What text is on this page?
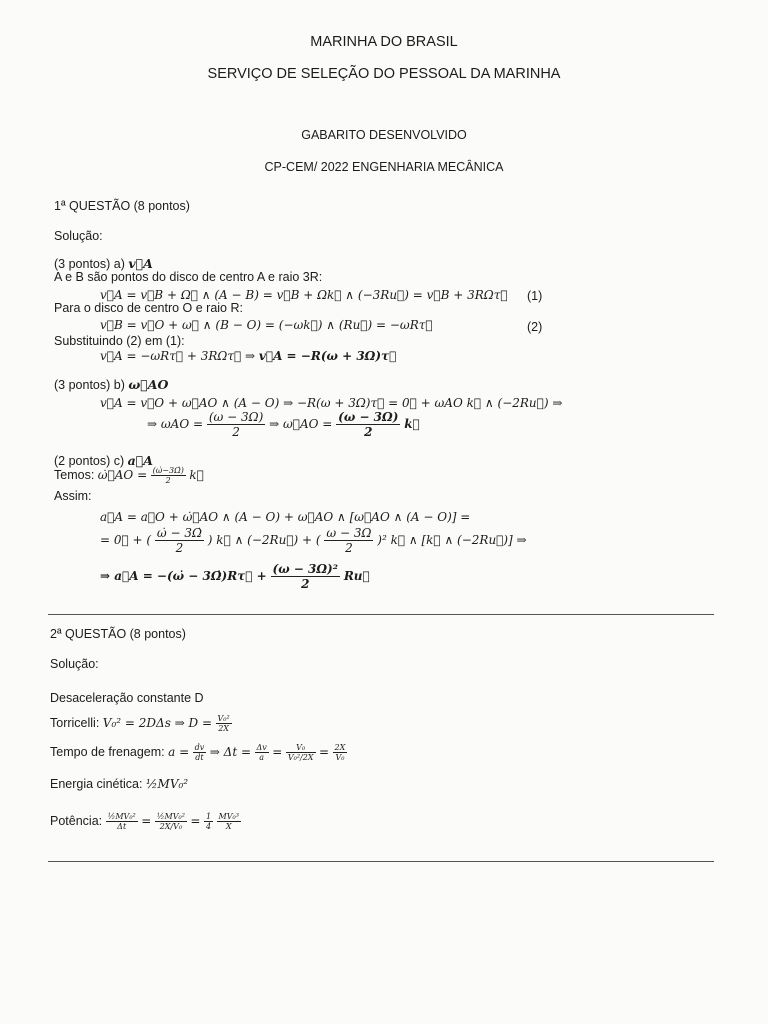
MARINHA DO BRASIL
SERVIÇO DE SELEÇÃO DO PESSOAL DA MARINHA
GABARITO DESENVOLVIDO
CP-CEM/ 2022 ENGENHARIA MECÂNICA
1ª QUESTÃO (8 pontos)
Solução:
(3 pontos) a) v⃗A
A e B são pontos do disco de centro A e raio 3R:
v⃗A = v⃗B + Ω⃗ ∧ (A − B) = v⃗B + Ωk⃗ ∧ (−3Ru⃗) = v⃗B + 3RΩτ⃗ (1)
Para o disco de centro O e raio R:
v⃗B = v⃗O + ω⃗ ∧ (B − O) = (−ωk⃗) ∧ (Ru⃗) = −ωRτ⃗	(2)
Substituindo (2) em (1):
v⃗A = −ωRτ⃗ + 3RΩτ⃗ ⇒ v⃗A = −R(ω + 3Ω)τ⃗
(3 pontos) b) ω⃗AO
v⃗A = v⃗O + ω⃗AO ∧ (A − O) ⇒ −R(ω + 3Ω)τ⃗ = 0⃗ + ωAO k⃗ ∧ (−2Ru⃗) ⇒
⇒ $\omega AO = \frac{(\omega - 3\Omega)}{2}$ ⇒ ω⃗AO = $\frac{(\omega - 3\Omega)}{2}$ k⃗
(2 pontos) c) a⃗A
Temos: ω̇⃗AO = $\frac{(\omegȧ-3\Omegȧ)}{2}$ k⃗
Assim:
a⃗A = a⃗O + ω̇⃗AO ∧ (A − O) + ω⃗AO ∧ [ω⃗AO ∧ (A − O)] =
= 0⃗ + ( $\frac{\omegȧ - 3\Omegȧ}{2}$ ) k⃗ ∧ (−2Ru⃗) + ( $\frac{\omega - 3\Omega}{2} )^2$ k⃗ ∧ [k⃗ ∧ (−2Ru⃗)] ⇒
⇒ a⃗A = −(ω̇ − 3Ω̇)Rτ⃗ + $\frac{\text{(ω − 3Ω)²}}{2}$ Ru⃗
2ª QUESTÃO (8 pontos)
Solução:
Desaceleração constante D
Torricelli: V₀² = 2DΔs ⇒ $D = \frac{\text{V₀²}}{2X}$
Tempo de frenagem: $a = \frac{dv}{dt}$ ⇒ $\Delta t = \frac{\Delta v}{a} = \frac{\text{V₀}}{\text{V₀²/2X}} = \frac{2X}{\text{V₀}}$
Energia cinética: ½MV₀²
Potência: $\frac{\text{½MV₀²}}{\Delta t} = \frac{\text{½MV₀²}}{\text{2X/V₀}} = \frac{1}{4}$
$\frac{\text{MV₀³}}{X}$
